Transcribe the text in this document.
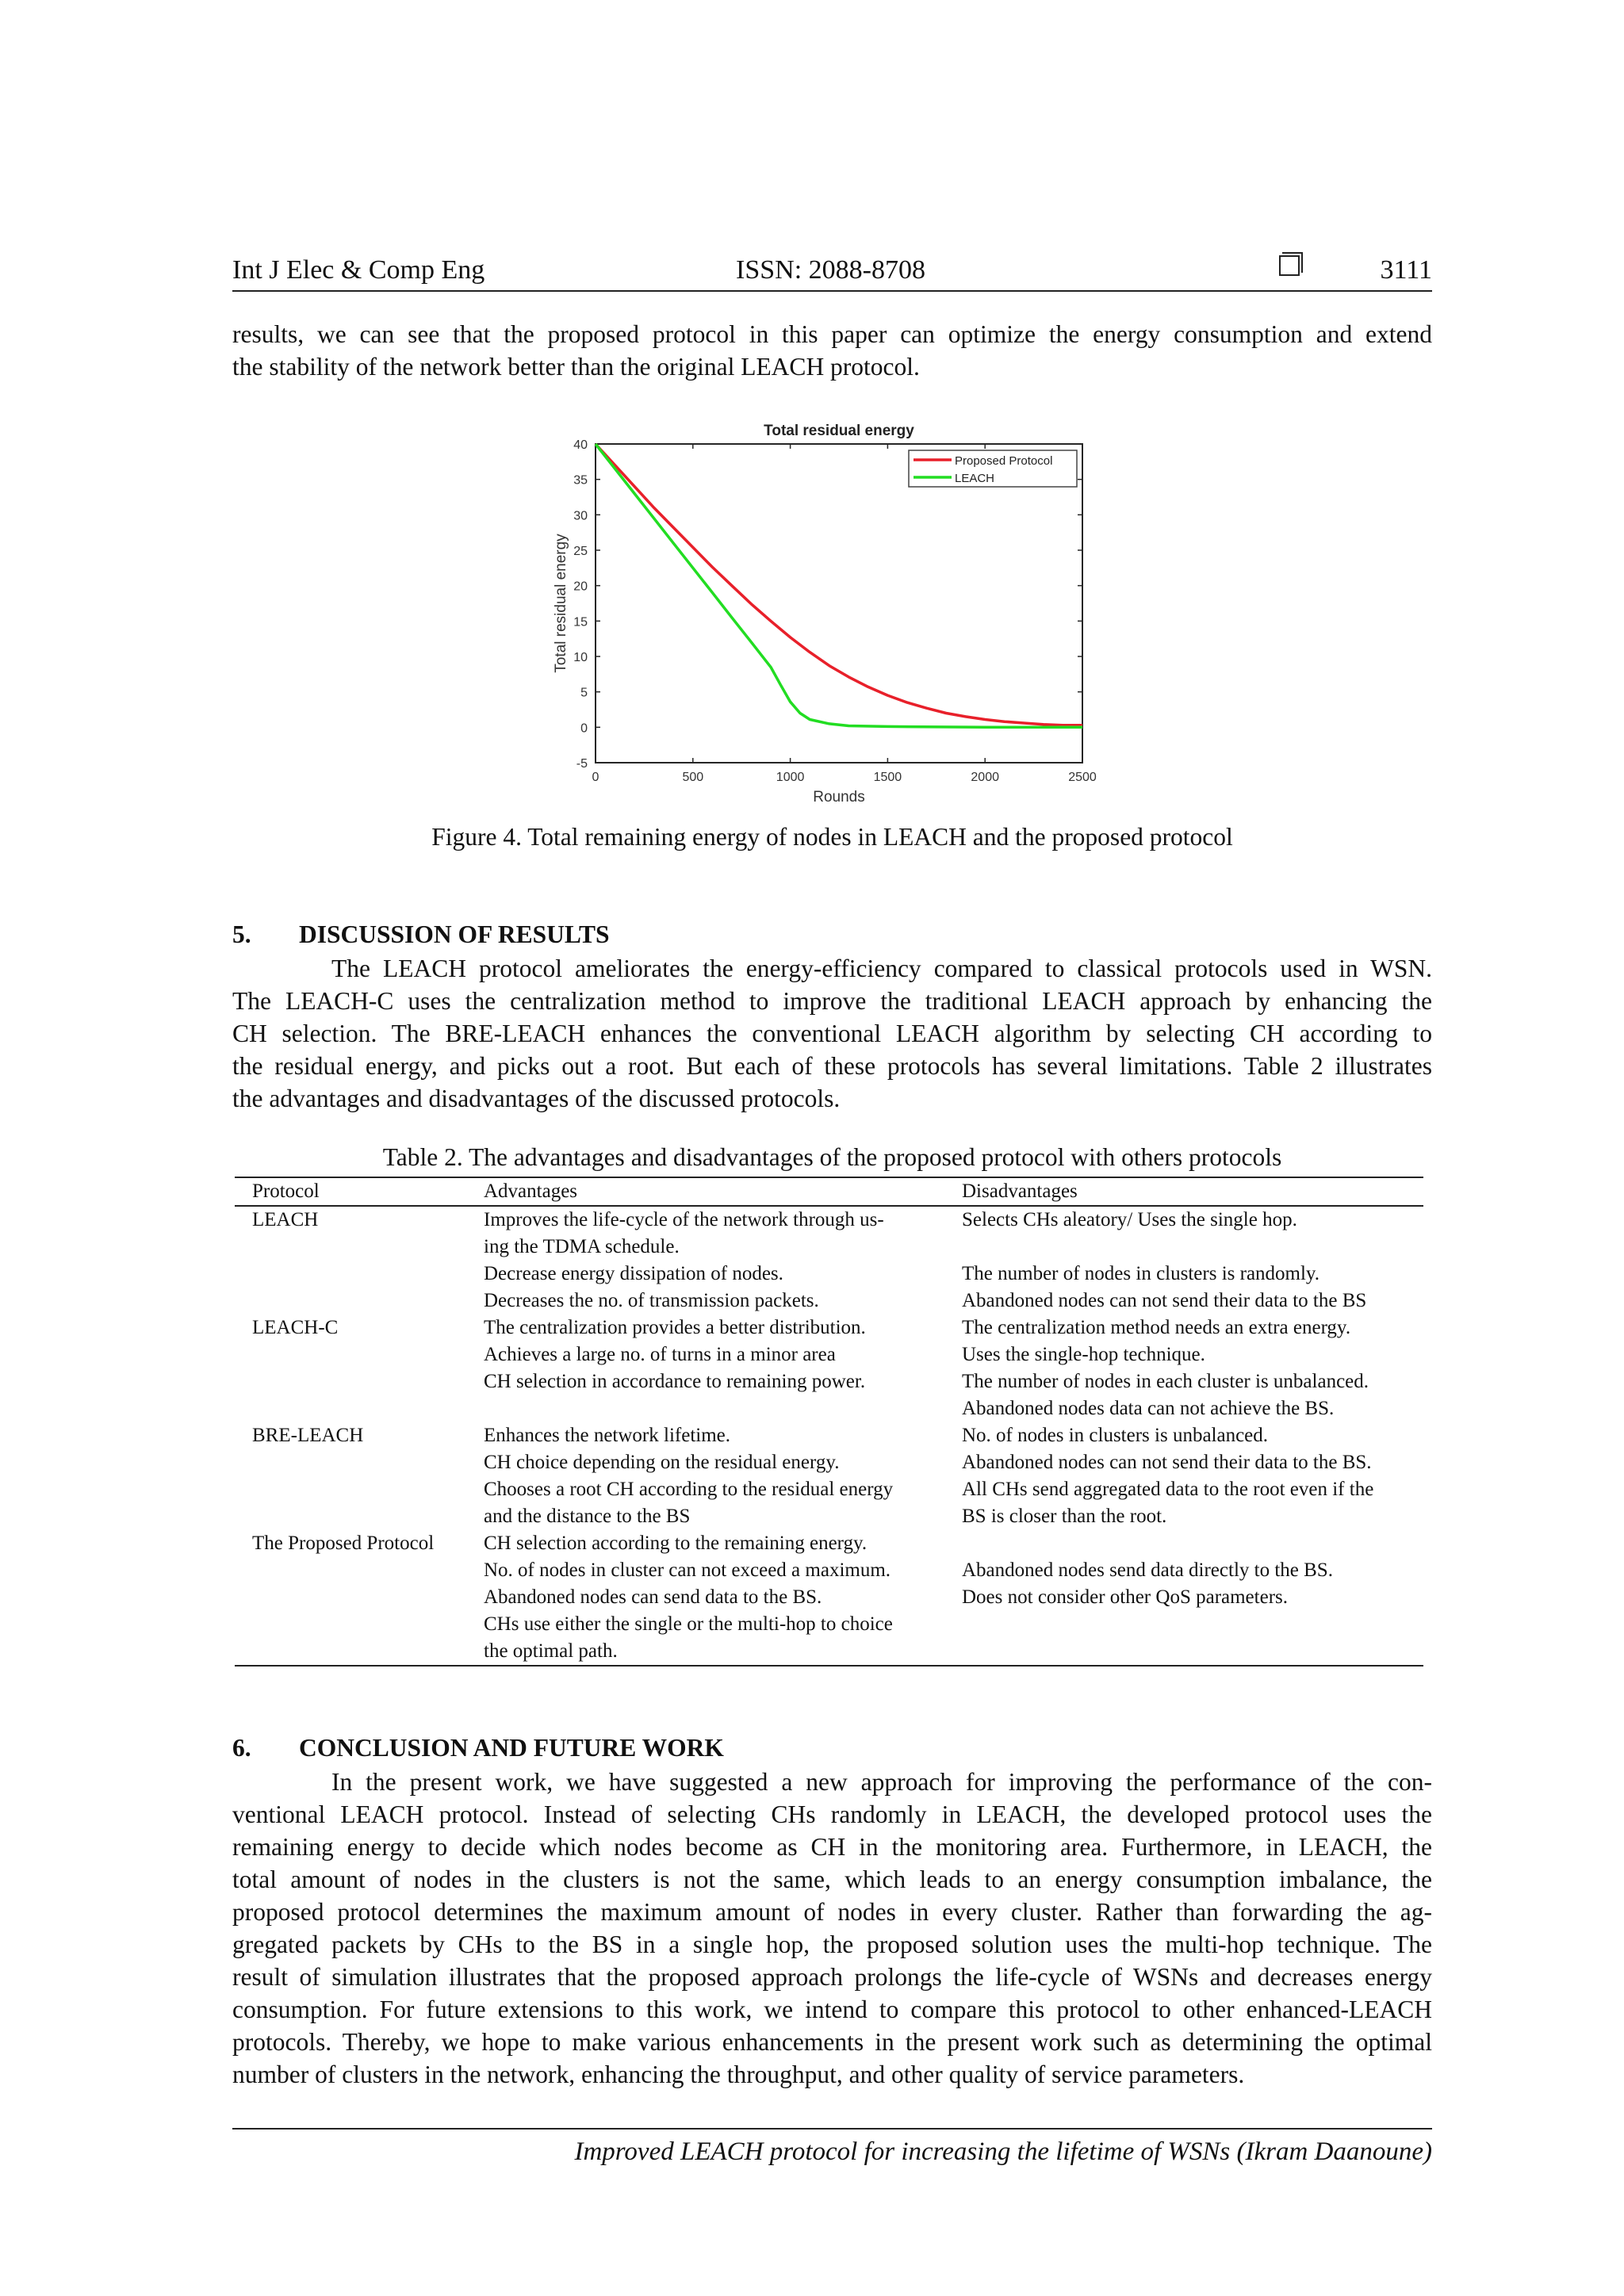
Int J Elec & Comp Eng	ISSN: 2088-8708	3111
results, we can see that the proposed protocol in this paper can optimize the energy consumption and extend
the stability of the network better than the original LEACH protocol.
Total residual energy
Rounds
Total residual energy
0	500	1000	1500	2000	2500
-5
0
5
10
15
20
25
30
35
40
Proposed Protocol
LEACH
Figure 4. Total remaining energy of nodes in LEACH and the proposed protocol
5. DISCUSSION OF RESULTS
The LEACH protocol ameliorates the energy-efficiency compared to classical protocols used in WSN.
The LEACH-C uses the centralization method to improve the traditional LEACH approach by enhancing the
CH selection. The BRE-LEACH enhances the conventional LEACH algorithm by selecting CH according to
the residual energy, and picks out a root. But each of these protocols has several limitations. Table 2 illustrates
the advantages and disadvantages of the discussed protocols.
Table 2. The advantages and disadvantages of the proposed protocol with others protocols
Protocol	Advantages	Disadvantages
LEACH	Improves the life-cycle of the network through us-	Selects CHs aleatory/ Uses the single hop.
	ing the TDMA schedule.	
	Decrease energy dissipation of nodes.	The number of nodes in clusters is randomly.
	Decreases the no. of transmission packets.	Abandoned nodes can not send their data to the BS
LEACH-C	The centralization provides a better distribution.	The centralization method needs an extra energy.
	Achieves a large no. of turns in a minor area	Uses the single-hop technique.
	CH selection in accordance to remaining power.	The number of nodes in each cluster is unbalanced.
		Abandoned nodes data can not achieve the BS.
BRE-LEACH	Enhances the network lifetime.	No. of nodes in clusters is unbalanced.
	CH choice depending on the residual energy.	Abandoned nodes can not send their data to the BS.
	Chooses a root CH according to the residual energy	All CHs send aggregated data to the root even if the
	and the distance to the BS	BS is closer than the root.
The Proposed Protocol	CH selection according to the remaining energy.	
	No. of nodes in cluster can not exceed a maximum.	Abandoned nodes send data directly to the BS.
	Abandoned nodes can send data to the BS.	Does not consider other QoS parameters.
	CHs use either the single or the multi-hop to choice	
	the optimal path.	
6. CONCLUSION AND FUTURE WORK
In the present work, we have suggested a new approach for improving the performance of the con-
ventional LEACH protocol. Instead of selecting CHs randomly in LEACH, the developed protocol uses the
remaining energy to decide which nodes become as CH in the monitoring area. Furthermore, in LEACH, the
total amount of nodes in the clusters is not the same, which leads to an energy consumption imbalance, the
proposed protocol determines the maximum amount of nodes in every cluster. Rather than forwarding the ag-
gregated packets by CHs to the BS in a single hop, the proposed solution uses the multi-hop technique. The
result of simulation illustrates that the proposed approach prolongs the life-cycle of WSNs and decreases energy
consumption. For future extensions to this work, we intend to compare this protocol to other enhanced-LEACH
protocols. Thereby, we hope to make various enhancements in the present work such as determining the optimal
number of clusters in the network, enhancing the throughput, and other quality of service parameters.
Improved LEACH protocol for increasing the lifetime of WSNs (Ikram Daanoune)
